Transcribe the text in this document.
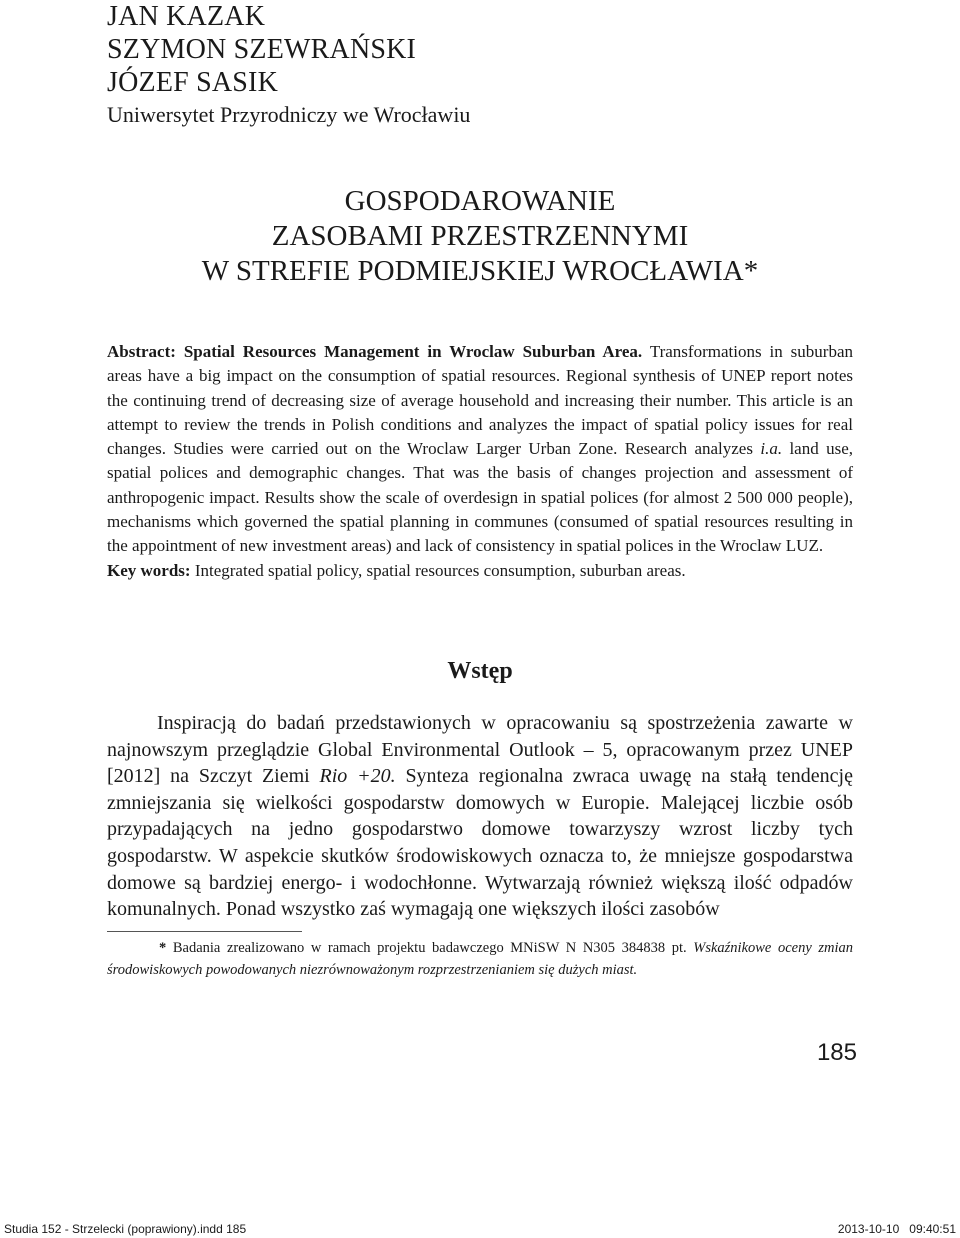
JAN KAZAK
SZYMON SZEWRAŃSKI
JÓZEF SASIK
Uniwersytet Przyrodniczy we Wrocławiu
GOSPODAROWANIE
ZASOBAMI PRZESTRZENNYMI
W STREFIE PODMIEJSKIEJ WROCŁAWIA*

Abstract: Spatial Resources Management in Wroclaw Suburban Area. Transformations in suburban areas have a big impact on the consumption of spatial resources. Regional synthesis of UNEP report notes the continuing trend of decreasing size of average household and increasing their number. This article is an attempt to review the trends in Polish conditions and analyzes the impact of spatial policy issues for real changes. Studies were carried out on the Wroclaw Larger Urban Zone. Research analyzes i.a. land use, spatial polices and demographic changes. That was the basis of changes projection and assessment of anthropogenic impact. Results show the scale of overdesign in spatial polices (for almost 2 500 000 people), mechanisms which governed the spatial planning in communes (consumed of spatial resources resulting in the appointment of new investment areas) and lack of consistency in spatial polices in the Wroclaw LUZ.

Key words: Integrated spatial policy, spatial resources consumption, suburban areas.

Wstęp

Inspiracją do badań przedstawionych w opracowaniu są spostrzeżenia zawarte w najnowszym przeglądzie Global Environmental Outlook – 5, opracowanym przez UNEP [2012] na Szczyt Ziemi Rio +20. Synteza regionalna zwraca uwagę na stałą tendencję zmniejszania się wielkości gospodarstw domowych w Europie. Malejącej liczbie osób przypadających na jedno gospodarstwo domowe towarzyszy wzrost liczby tych gospodarstw. W aspekcie skutków środowiskowych oznacza to, że mniejsze gospodarstwa domowe są bardziej energo- i wodochłonne. Wytwarzają również większą ilość odpadów komunalnych. Ponad wszystko zaś wymagają one większych ilości zasobów

* Badania zrealizowano w ramach projektu badawczego MNiSW N N305 384838 pt. Wskaźnikowe oceny zmian środowiskowych powodowanych niezrównoważonym rozprzestrzenianiem się dużych miast.

185
Studia 152 - Strzelecki (poprawiony).indd 185	2013-10-10 09:40:51
